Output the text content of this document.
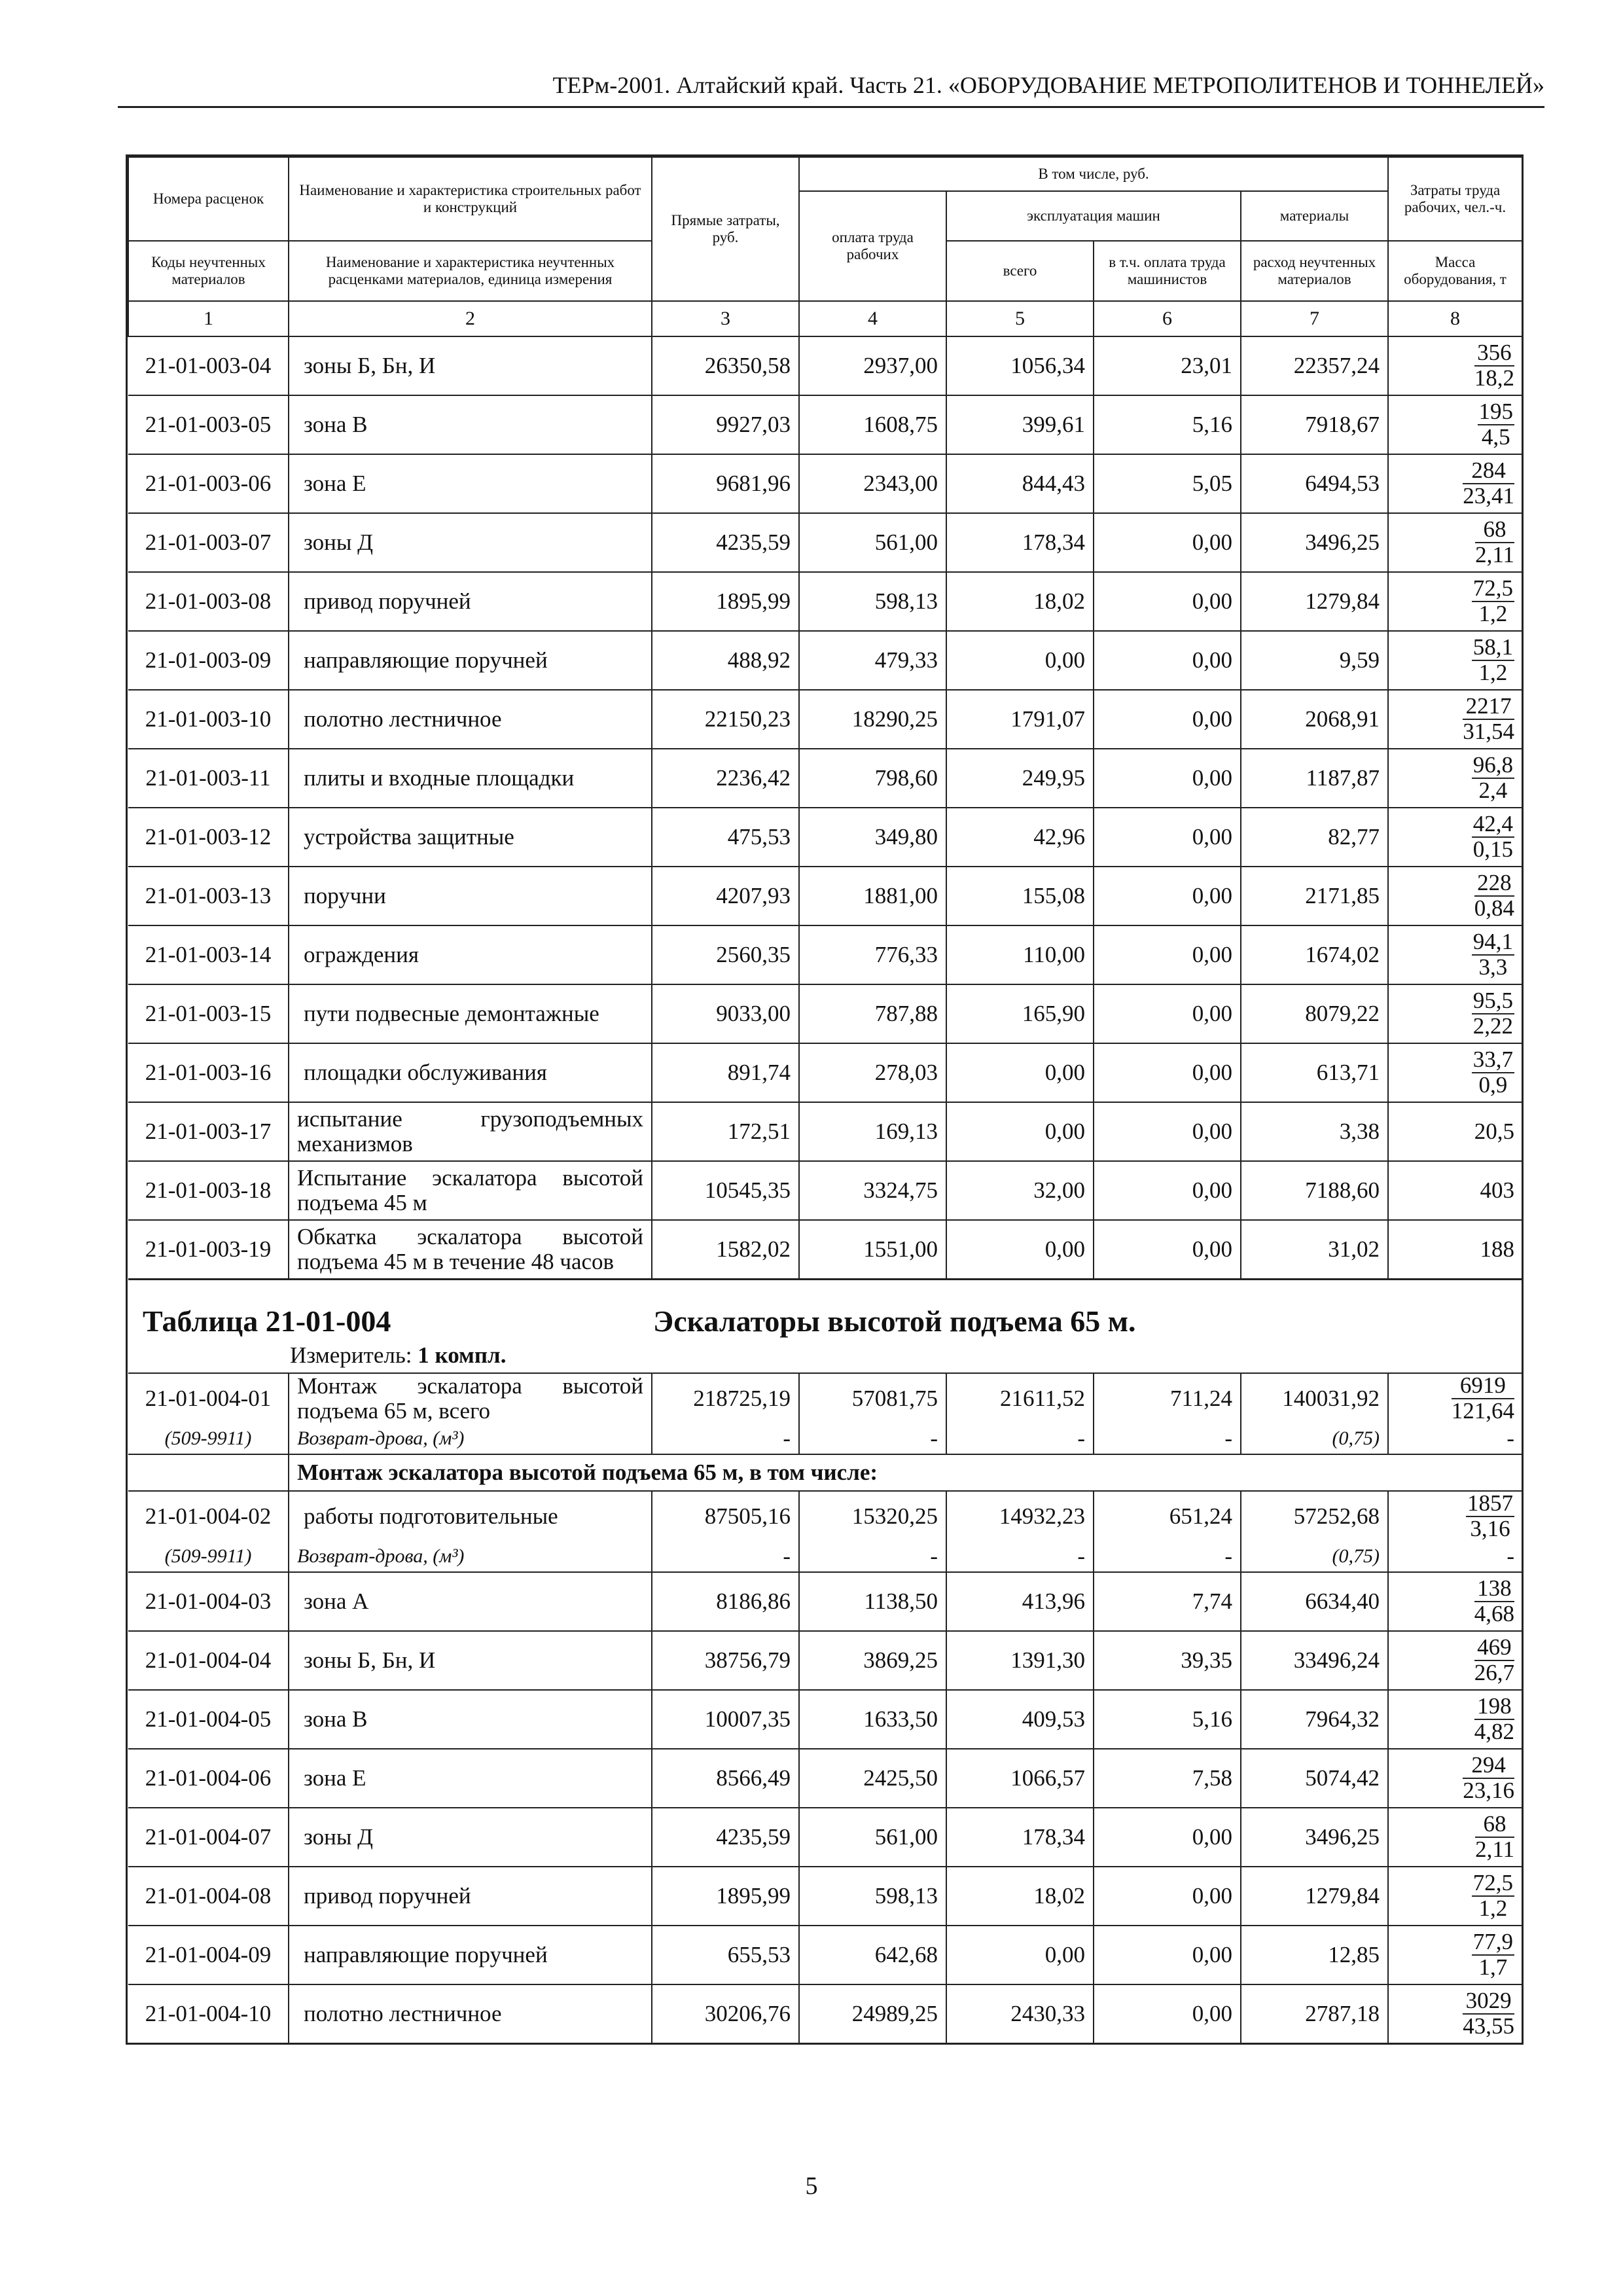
ТЕРм-2001. Алтайский край. Часть 21. «ОБОРУДОВАНИЕ МЕТРОПОЛИТЕНОВ И ТОННЕЛЕЙ»
Номера расценок	Наименование и характеристика строительных работ и конструкций	Прямые затраты, руб.	В том числе, руб.				Затраты труда рабочих, чел.-ч.
			оплата труда рабочих	эксплуатация машин		материалы	
Коды неучтенных материалов	Наименование и характеристика неучтенных расценками материалов, единица измерения			всего	в т.ч. оплата труда машинистов	расход неучтенных материалов	Масса оборудования, т
1	2	3	4	5	6	7	8
21-01-003-04	зоны Б, Бн, И	26350,58	2937,00	1056,34	23,01	22357,24	$\frac{356}{18,2}$

21-01-003-05	зона В	9927,03	1608,75	399,61	5,16	7918,67	$\frac{195}{4,5}$

21-01-003-06	зона Е	9681,96	2343,00	844,43	5,05	6494,53	$\frac{284}{23,41}$

21-01-003-07	зоны Д	4235,59	561,00	178,34	0,00	3496,25	$\frac{68}{2,11}$

21-01-003-08	привод поручней	1895,99	598,13	18,02	0,00	1279,84	$\frac{72,5}{1,2}$

21-01-003-09	направляющие поручней	488,92	479,33	0,00	0,00	9,59	$\frac{58,1}{1,2}$

21-01-003-10	полотно лестничное	22150,23	18290,25	1791,07	0,00	2068,91	$\frac{2217}{31,54}$

21-01-003-11	плиты и входные площадки	2236,42	798,60	249,95	0,00	1187,87	$\frac{96,8}{2,4}$

21-01-003-12	устройства защитные	475,53	349,80	42,96	0,00	82,77	$\frac{42,4}{0,15}$

21-01-003-13	поручни	4207,93	1881,00	155,08	0,00	2171,85	$\frac{228}{0,84}$

21-01-003-14	ограждения	2560,35	776,33	110,00	0,00	1674,02	$\frac{94,1}{3,3}$

21-01-003-15	пути подвесные демонтажные	9033,00	787,88	165,90	0,00	8079,22	$\frac{95,5}{2,22}$

21-01-003-16	площадки обслуживания	891,74	278,03	0,00	0,00	613,71	$\frac{33,7}{0,9}$

21-01-003-17	испытание грузоподъемных механизмов	172,51	169,13	0,00	0,00	3,38	20,5
21-01-003-18	Испытание эскалатора высотой подъема 45 м	10545,35	3324,75	32,00	0,00	7188,60	403
21-01-003-19	Обкатка эскалатора высотой подъема 45 м в течение 48 часов	1582,02	1551,00	0,00	0,00	31,02	188

Таблица 21-01-004 Эскалаторы высотой подъема 65 м.
Измеритель: 1 компл.							

21-01-004-01	Монтаж эскалатора высотой подъема 65 м, всего	218725,19	57081,75	21611,52	711,24	140031,92	$\frac{6919}{121,64}$

(509-9911)	Возврат-дрова, (м³)	-	-	-	-	(0,75)	-
	Монтаж эскалатора высотой подъема 65 м, в том числе:						
21-01-004-02	работы подготовительные	87505,16	15320,25	14932,23	651,24	57252,68	$\frac{1857}{3,16}$

(509-9911)	Возврат-дрова, (м³)	-	-	-	-	(0,75)	-
21-01-004-03	зона А	8186,86	1138,50	413,96	7,74	6634,40	$\frac{138}{4,68}$

21-01-004-04	зоны Б, Бн, И	38756,79	3869,25	1391,30	39,35	33496,24	$\frac{469}{26,7}$

21-01-004-05	зона В	10007,35	1633,50	409,53	5,16	7964,32	$\frac{198}{4,82}$

21-01-004-06	зона Е	8566,49	2425,50	1066,57	7,58	5074,42	$\frac{294}{23,16}$

21-01-004-07	зоны Д	4235,59	561,00	178,34	0,00	3496,25	$\frac{68}{2,11}$

21-01-004-08	привод поручней	1895,99	598,13	18,02	0,00	1279,84	$\frac{72,5}{1,2}$

21-01-004-09	направляющие поручней	655,53	642,68	0,00	0,00	12,85	$\frac{77,9}{1,7}$

21-01-004-10	полотно лестничное	30206,76	24989,25	2430,33	0,00	2787,18	$\frac{3029}{43,55}$
5
